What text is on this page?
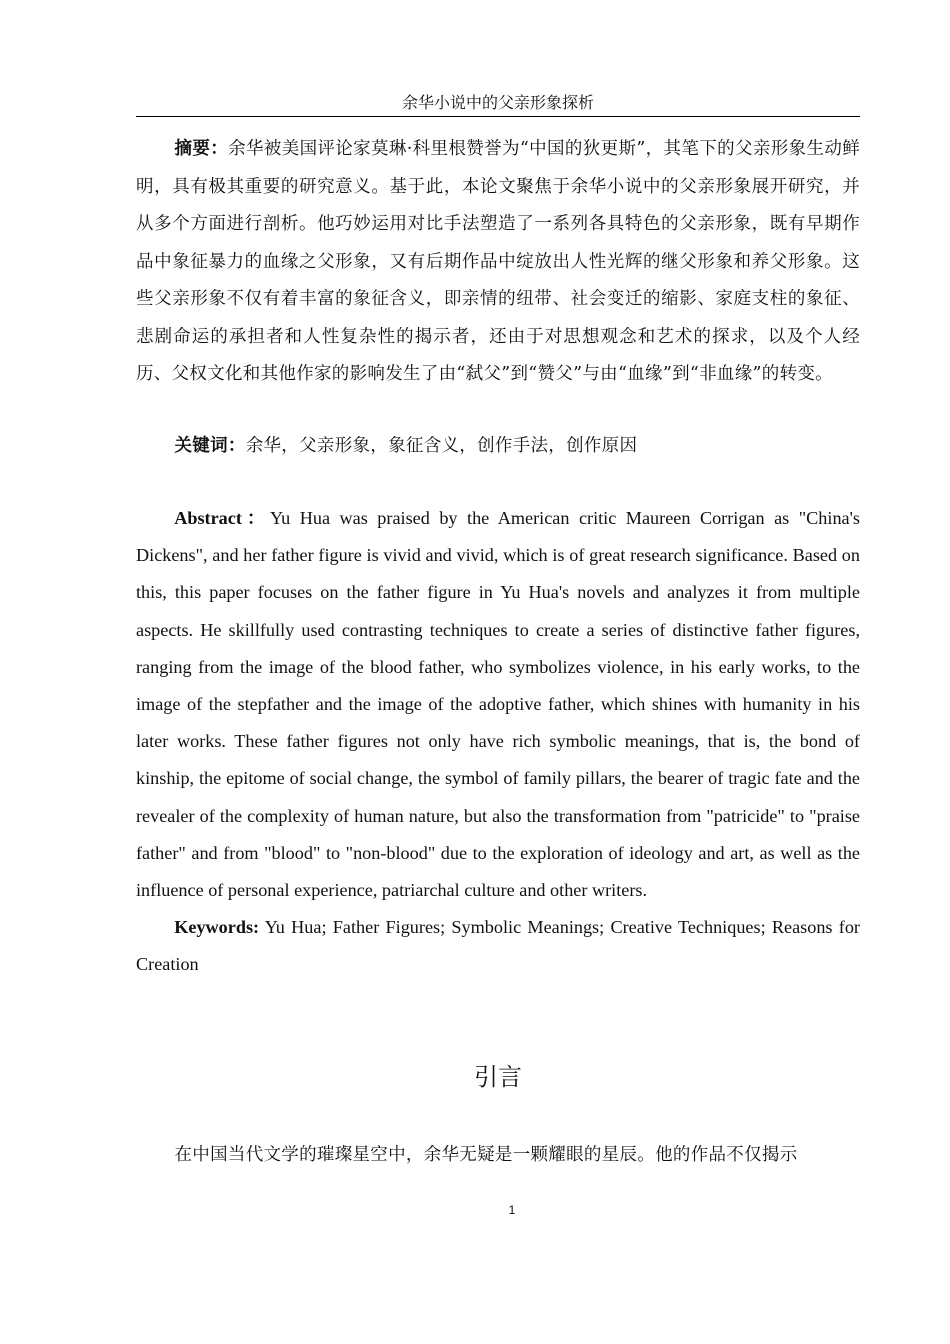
余华小说中的父亲形象探析
摘要：余华被美国评论家莫琳·科里根赞誉为“中国的狄更斯”，其笔下的父亲形象生动鲜明，具有极其重要的研究意义。基于此，本论文聚焦于余华小说中的父亲形象展开研究，并从多个方面进行剖析。他巧妙运用对比手法塑造了一系列各具特色的父亲形象，既有早期作品中象征暴力的血缘之父形象，又有后期作品中绽放出人性光辉的继父形象和养父形象。这些父亲形象不仅有着丰富的象征含义，即亲情的纽带、社会变迁的缩影、家庭支柱的象征、悲剧命运的承担者和人性复杂性的揭示者，还由于对思想观念和艺术的探求，以及个人经历、父权文化和其他作家的影响发生了由“弑父”到“赞父”与由“血缘”到“非血缘”的转变。
关键词：余华，父亲形象，象征含义，创作手法，创作原因
Abstract：Yu Hua was praised by the American critic Maureen Corrigan as "China's Dickens", and her father figure is vivid and vivid, which is of great research significance. Based on this, this paper focuses on the father figure in Yu Hua's novels and analyzes it from multiple aspects. He skillfully used contrasting techniques to create a series of distinctive father figures, ranging from the image of the blood father, who symbolizes violence, in his early works, to the image of the stepfather and the image of the adoptive father, which shines with humanity in his later works. These father figures not only have rich symbolic meanings, that is, the bond of kinship, the epitome of social change, the symbol of family pillars, the bearer of tragic fate and the revealer of the complexity of human nature, but also the transformation from "patricide" to "praise father" and from "blood" to "non-blood" due to the exploration of ideology and art, as well as the influence of personal experience, patriarchal culture and other writers.
Keywords: Yu Hua; Father Figures; Symbolic Meanings; Creative Techniques; Reasons for Creation
引言
在中国当代文学的璀璨星空中，余华无疑是一颗耀眼的星辰。他的作品不仅揭示
1
